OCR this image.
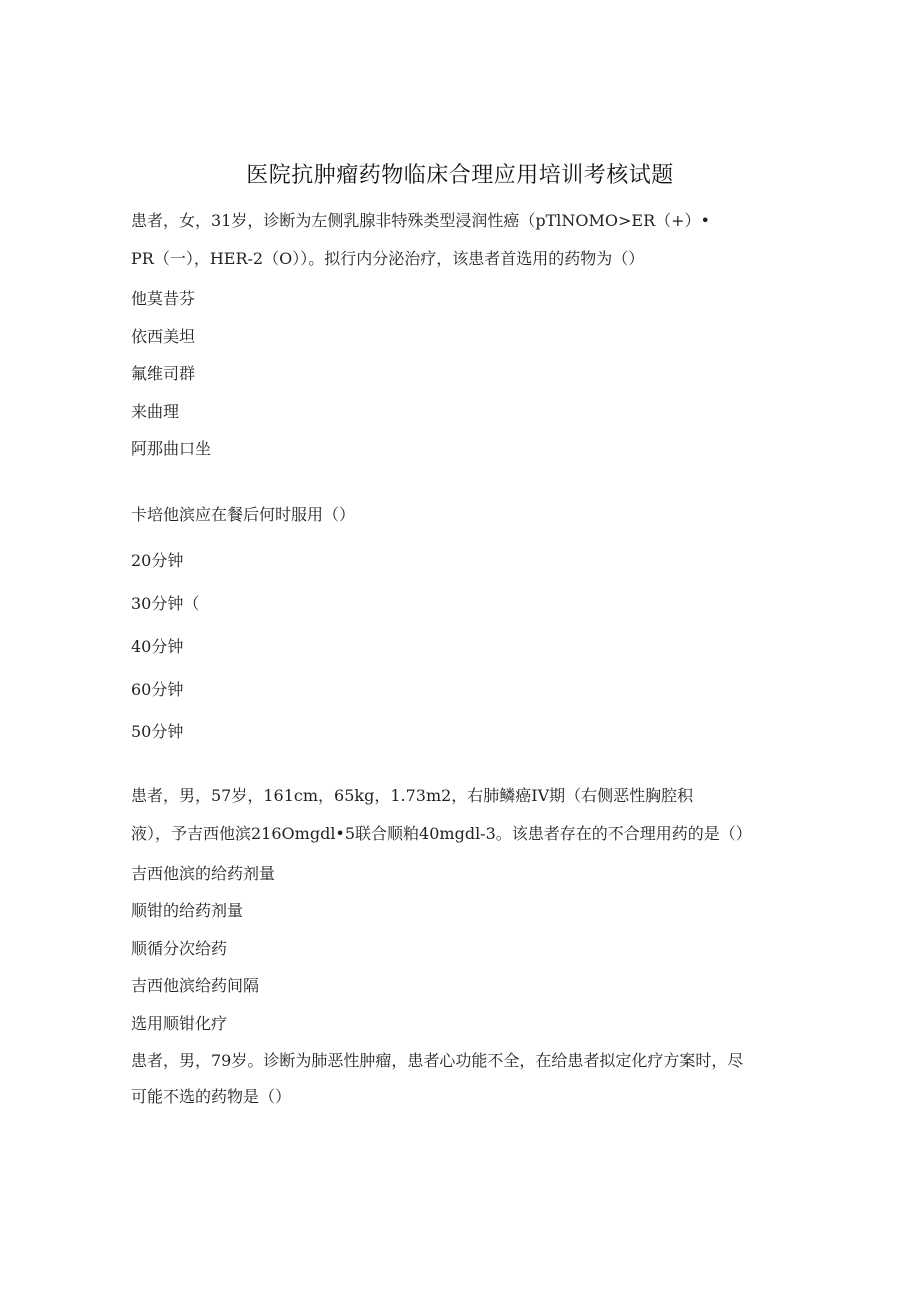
医院抗肿瘤药物临床合理应用培训考核试题
患者，女，31岁，诊断为左侧乳腺非特殊类型浸润性癌（pTlNOMO>ER（+）•
PR（一），HER-2（O））。拟行内分泌治疗，该患者首选用的药物为（）
他莫昔芬
依西美坦
氟维司群
来曲理
阿那曲口坐
卡培他滨应在餐后何时服用（）
20分钟
30分钟（
40分钟
60分钟
50分钟
患者，男，57岁，161cm，65kg，1.73m2，右肺鳞癌IV期（右侧恶性胸腔积
液），予吉西他滨216Omgdl•5联合顺粕40mgdl-3。该患者存在的不合理用药的是（）
吉西他滨的给药剂量
顺钳的给药剂量
顺循分次给药
吉西他滨给药间隔
选用顺钳化疗
患者，男，79岁。诊断为肺恶性肿瘤，患者心功能不全，在给患者拟定化疗方案时，尽
可能不选的药物是（）
